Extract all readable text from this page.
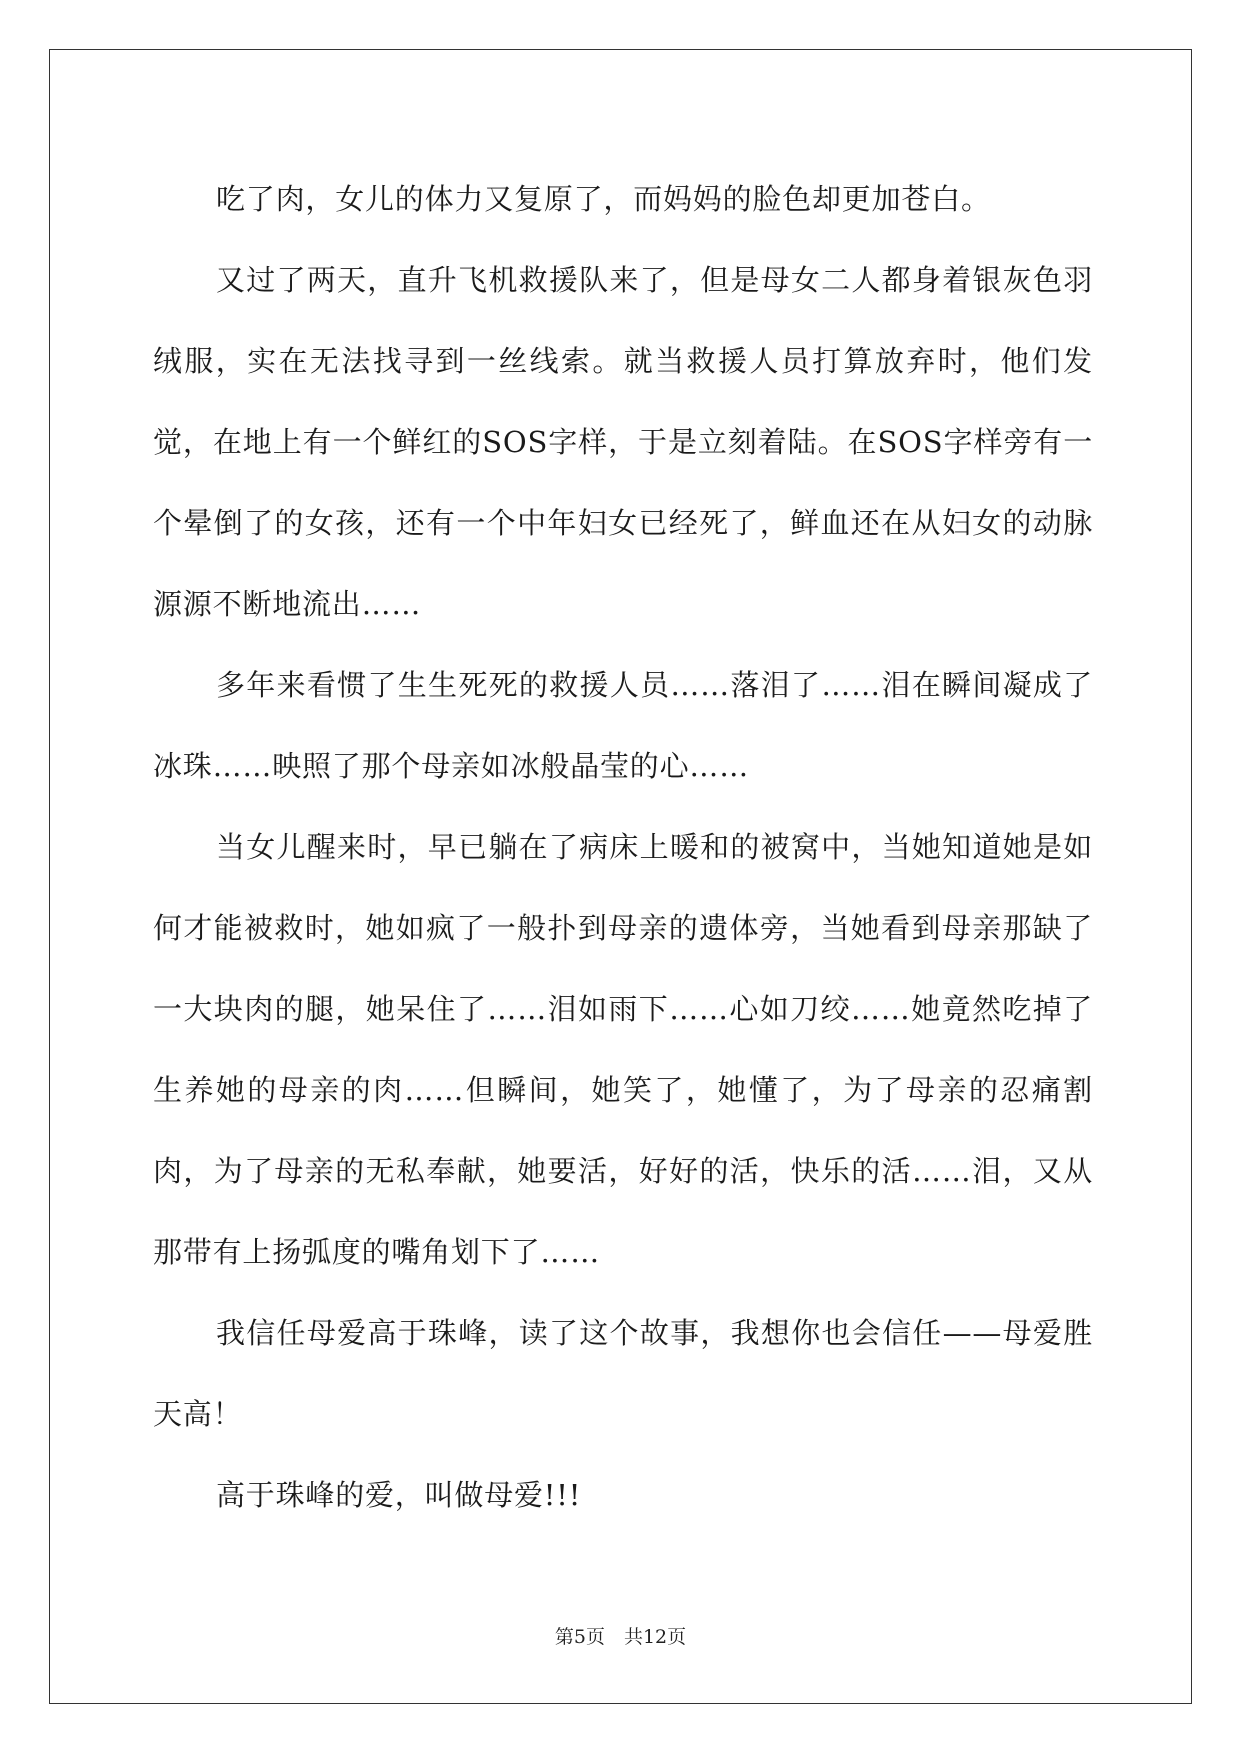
吃了肉，女儿的体力又复原了，而妈妈的脸色却更加苍白。

又过了两天，直升飞机救援队来了，但是母女二人都身着银灰色羽绒服，实在无法找寻到一丝线索。就当救援人员打算放弃时，他们发觉，在地上有一个鲜红的SOS字样，于是立刻着陆。在SOS字样旁有一个晕倒了的女孩，还有一个中年妇女已经死了，鲜血还在从妇女的动脉源源不断地流出……

多年来看惯了生生死死的救援人员……落泪了……泪在瞬间凝成了冰珠……映照了那个母亲如冰般晶莹的心……

当女儿醒来时，早已躺在了病床上暖和的被窝中，当她知道她是如何才能被救时，她如疯了一般扑到母亲的遗体旁，当她看到母亲那缺了一大块肉的腿，她呆住了……泪如雨下……心如刀绞……她竟然吃掉了生养她的母亲的肉……但瞬间，她笑了，她懂了，为了母亲的忍痛割肉，为了母亲的无私奉献，她要活，好好的活，快乐的活……泪，又从那带有上扬弧度的嘴角划下了……

我信任母爱高于珠峰，读了这个故事，我想你也会信任——母爱胜天高！

高于珠峰的爱，叫做母爱!!!

第5页　共12页
